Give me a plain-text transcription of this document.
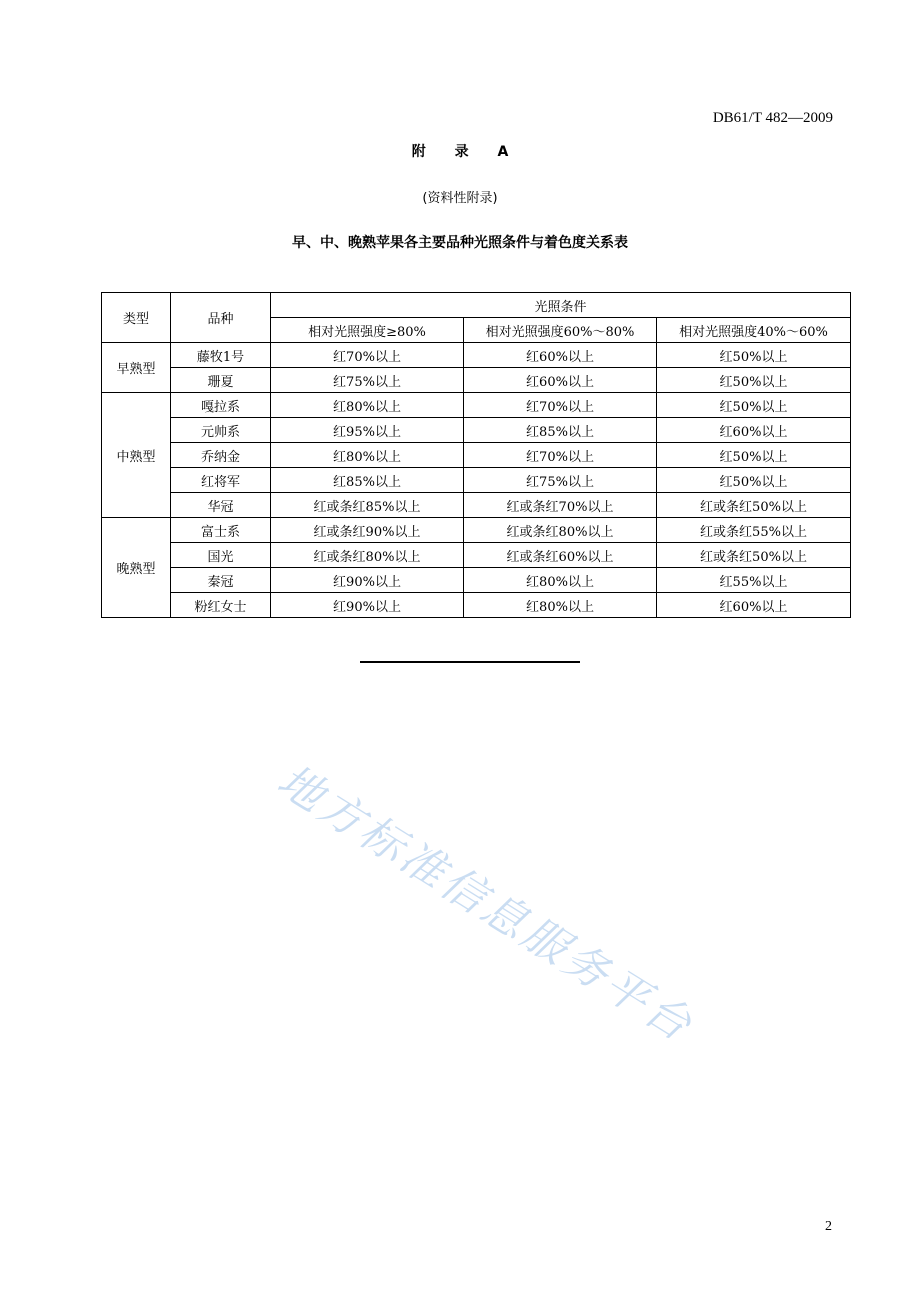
DB61/T 482—2009
附 录 A
(资料性附录)
早、中、晚熟苹果各主要品种光照条件与着色度关系表
类型	品种	光照条件		
		相对光照强度≥80%	相对光照强度60%～80%	相对光照强度40%～60%
早熟型	藤牧1号	红70%以上	红60%以上	红50%以上
	珊夏	红75%以上	红60%以上	红50%以上
中熟型	嘎拉系	红80%以上	红70%以上	红50%以上
	元帅系	红95%以上	红85%以上	红60%以上
	乔纳金	红80%以上	红70%以上	红50%以上
	红将军	红85%以上	红75%以上	红50%以上
	华冠	红或条红85%以上	红或条红70%以上	红或条红50%以上
晚熟型	富士系	红或条红90%以上	红或条红80%以上	红或条红55%以上
	国光	红或条红80%以上	红或条红60%以上	红或条红50%以上
	秦冠	红90%以上	红80%以上	红55%以上
	粉红女士	红90%以上	红80%以上	红60%以上
地方标准信息服务平台
2
